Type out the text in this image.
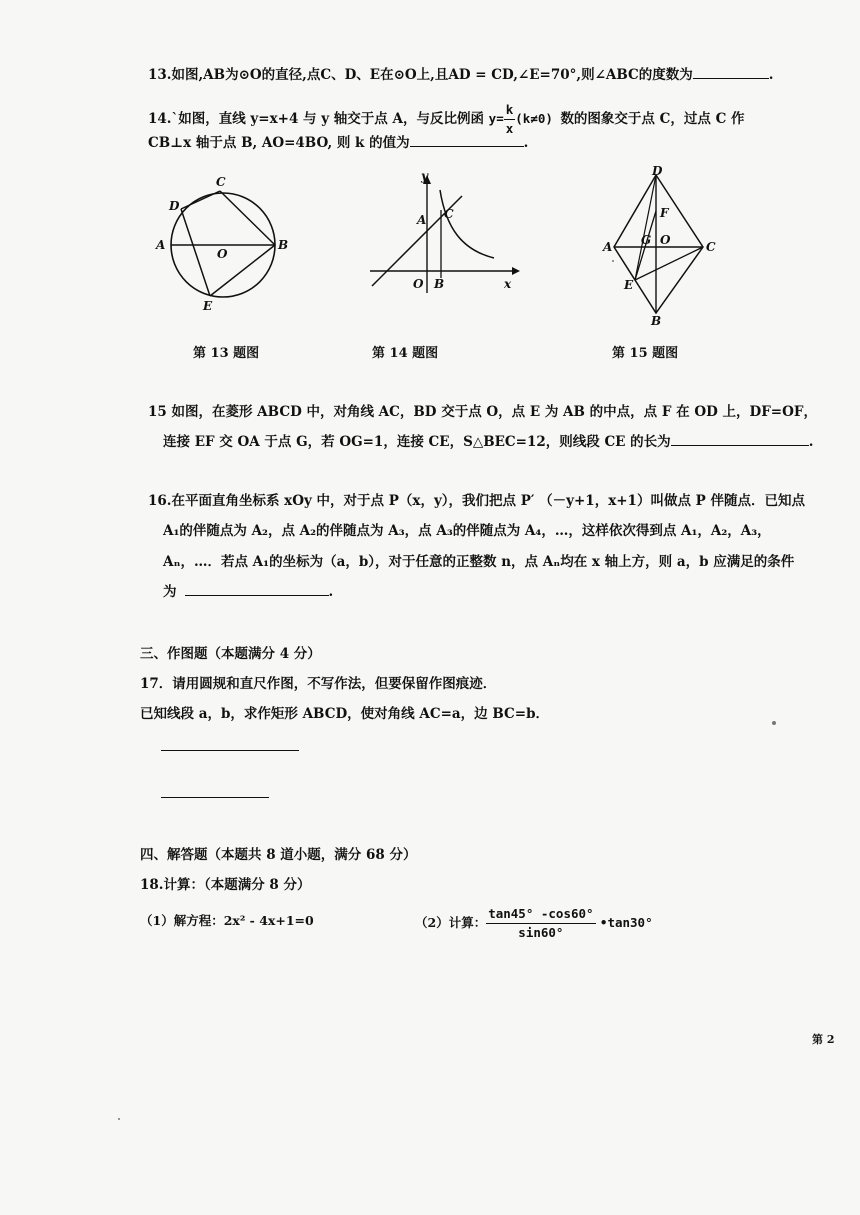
13.如图,AB为⊙O的直径,点C、D、E在⊙O上,且AD = CD,∠E=70°,则∠ABC的度数为	.
14.`如图，直线 y=x+4 与 y 轴交于点 A，与反比例函 $y= \frac{k}{x} (k\ne 0)$ 数的图象交于点 C，过点 C 作
CB⊥x 轴于点 B, AO=4BO, 则 k 的值为	.
C
D
A
O
B
E
第 13 题图
y
A C
O B	x
第 14 题图
D
F
A G O	C
E
B
第 15 题图
15 如图，在菱形 ABCD 中，对角线 AC，BD 交于点 O，点 E 为 AB 的中点，点 F 在 OD 上，DF=OF，
连接 EF 交 OA 于点 G，若 OG=1，连接 CE，S△BEC=12，则线段 CE 的长为	.
16.在平面直角坐标系 xOy 中，对于点 P（x，y），我们把点 P′ （－y+1，x+1）叫做点 P 伴随点．已知点
A₁的伴随点为 A₂，点 A₂的伴随点为 A₃，点 A₃的伴随点为 A₄，…，这样依次得到点 A₁，A₂，A₃，
Aₙ，…．若点 A₁的坐标为（a，b），对于任意的正整数 n，点 Aₙ均在 x 轴上方，则 a，b 应满足的条件
为	.
三、作图题（本题满分 4 分）
17．请用圆规和直尺作图，不写作法，但要保留作图痕迹．
已知线段 a，b，求作矩形 ABCD，使对角线 AC=a，边 BC=b．
四、解答题（本题共 8 道小题，满分 68 分）
18.计算：（本题满分 8 分）
（1）解方程：2x² - 4x+1=0	（2）计算： $\frac{\tan 45^\circ -\cos 60^\circ}{\sin 60^\circ}$ •tan30°
第 2
